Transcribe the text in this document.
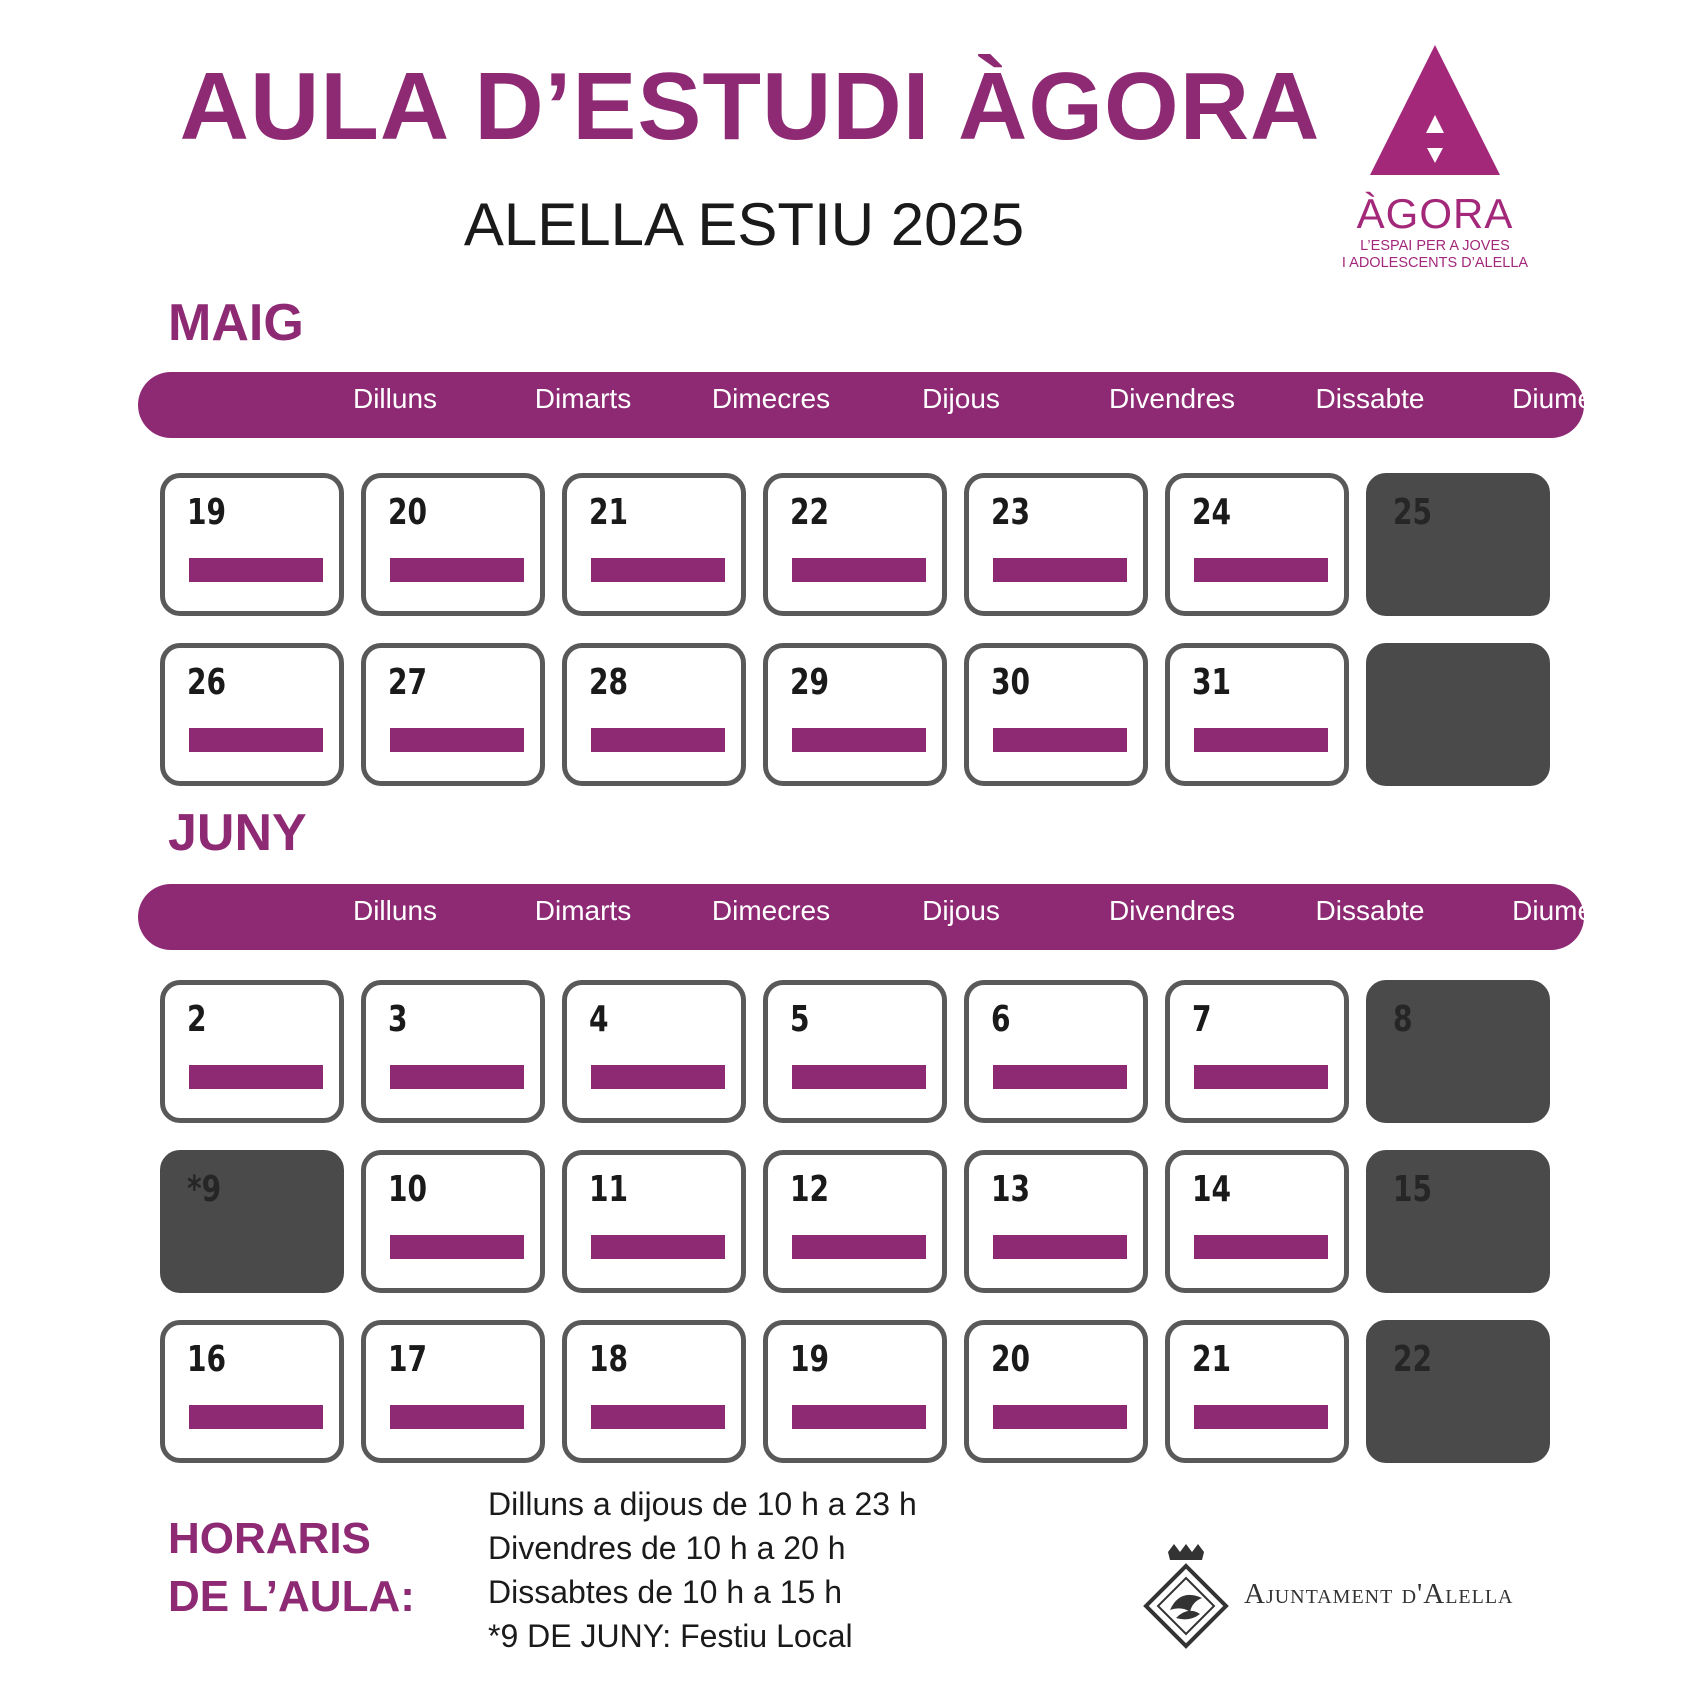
AULA D’ESTUDI ÀGORA
ALELLA ESTIU 2025	ÀGORA
L’ESPAI PER A JOVES
I ADOLESCENTS D’ALELLA
MAIG
Dilluns	Dimarts	Dimecres	Dijous	Divendres	Dissabte	Diumenge
19	20	21	22	23	24	25
26	27	28	29	30	31
JUNY
Dilluns	Dimarts	Dimecres	Dijous	Divendres	Dissabte	Diumenge
2	3	4	5	6	7	8
*9	10	11	12	13	14	15
16	17	18	19	20	21	22
HORARIS
DE L’AULA:
Dilluns a dijous de 10 h a 23 h
Divendres de 10 h a 20 h
Dissabtes de 10 h a 15 h
*9 DE JUNY: Festiu Local
Ajuntament d'Alella
